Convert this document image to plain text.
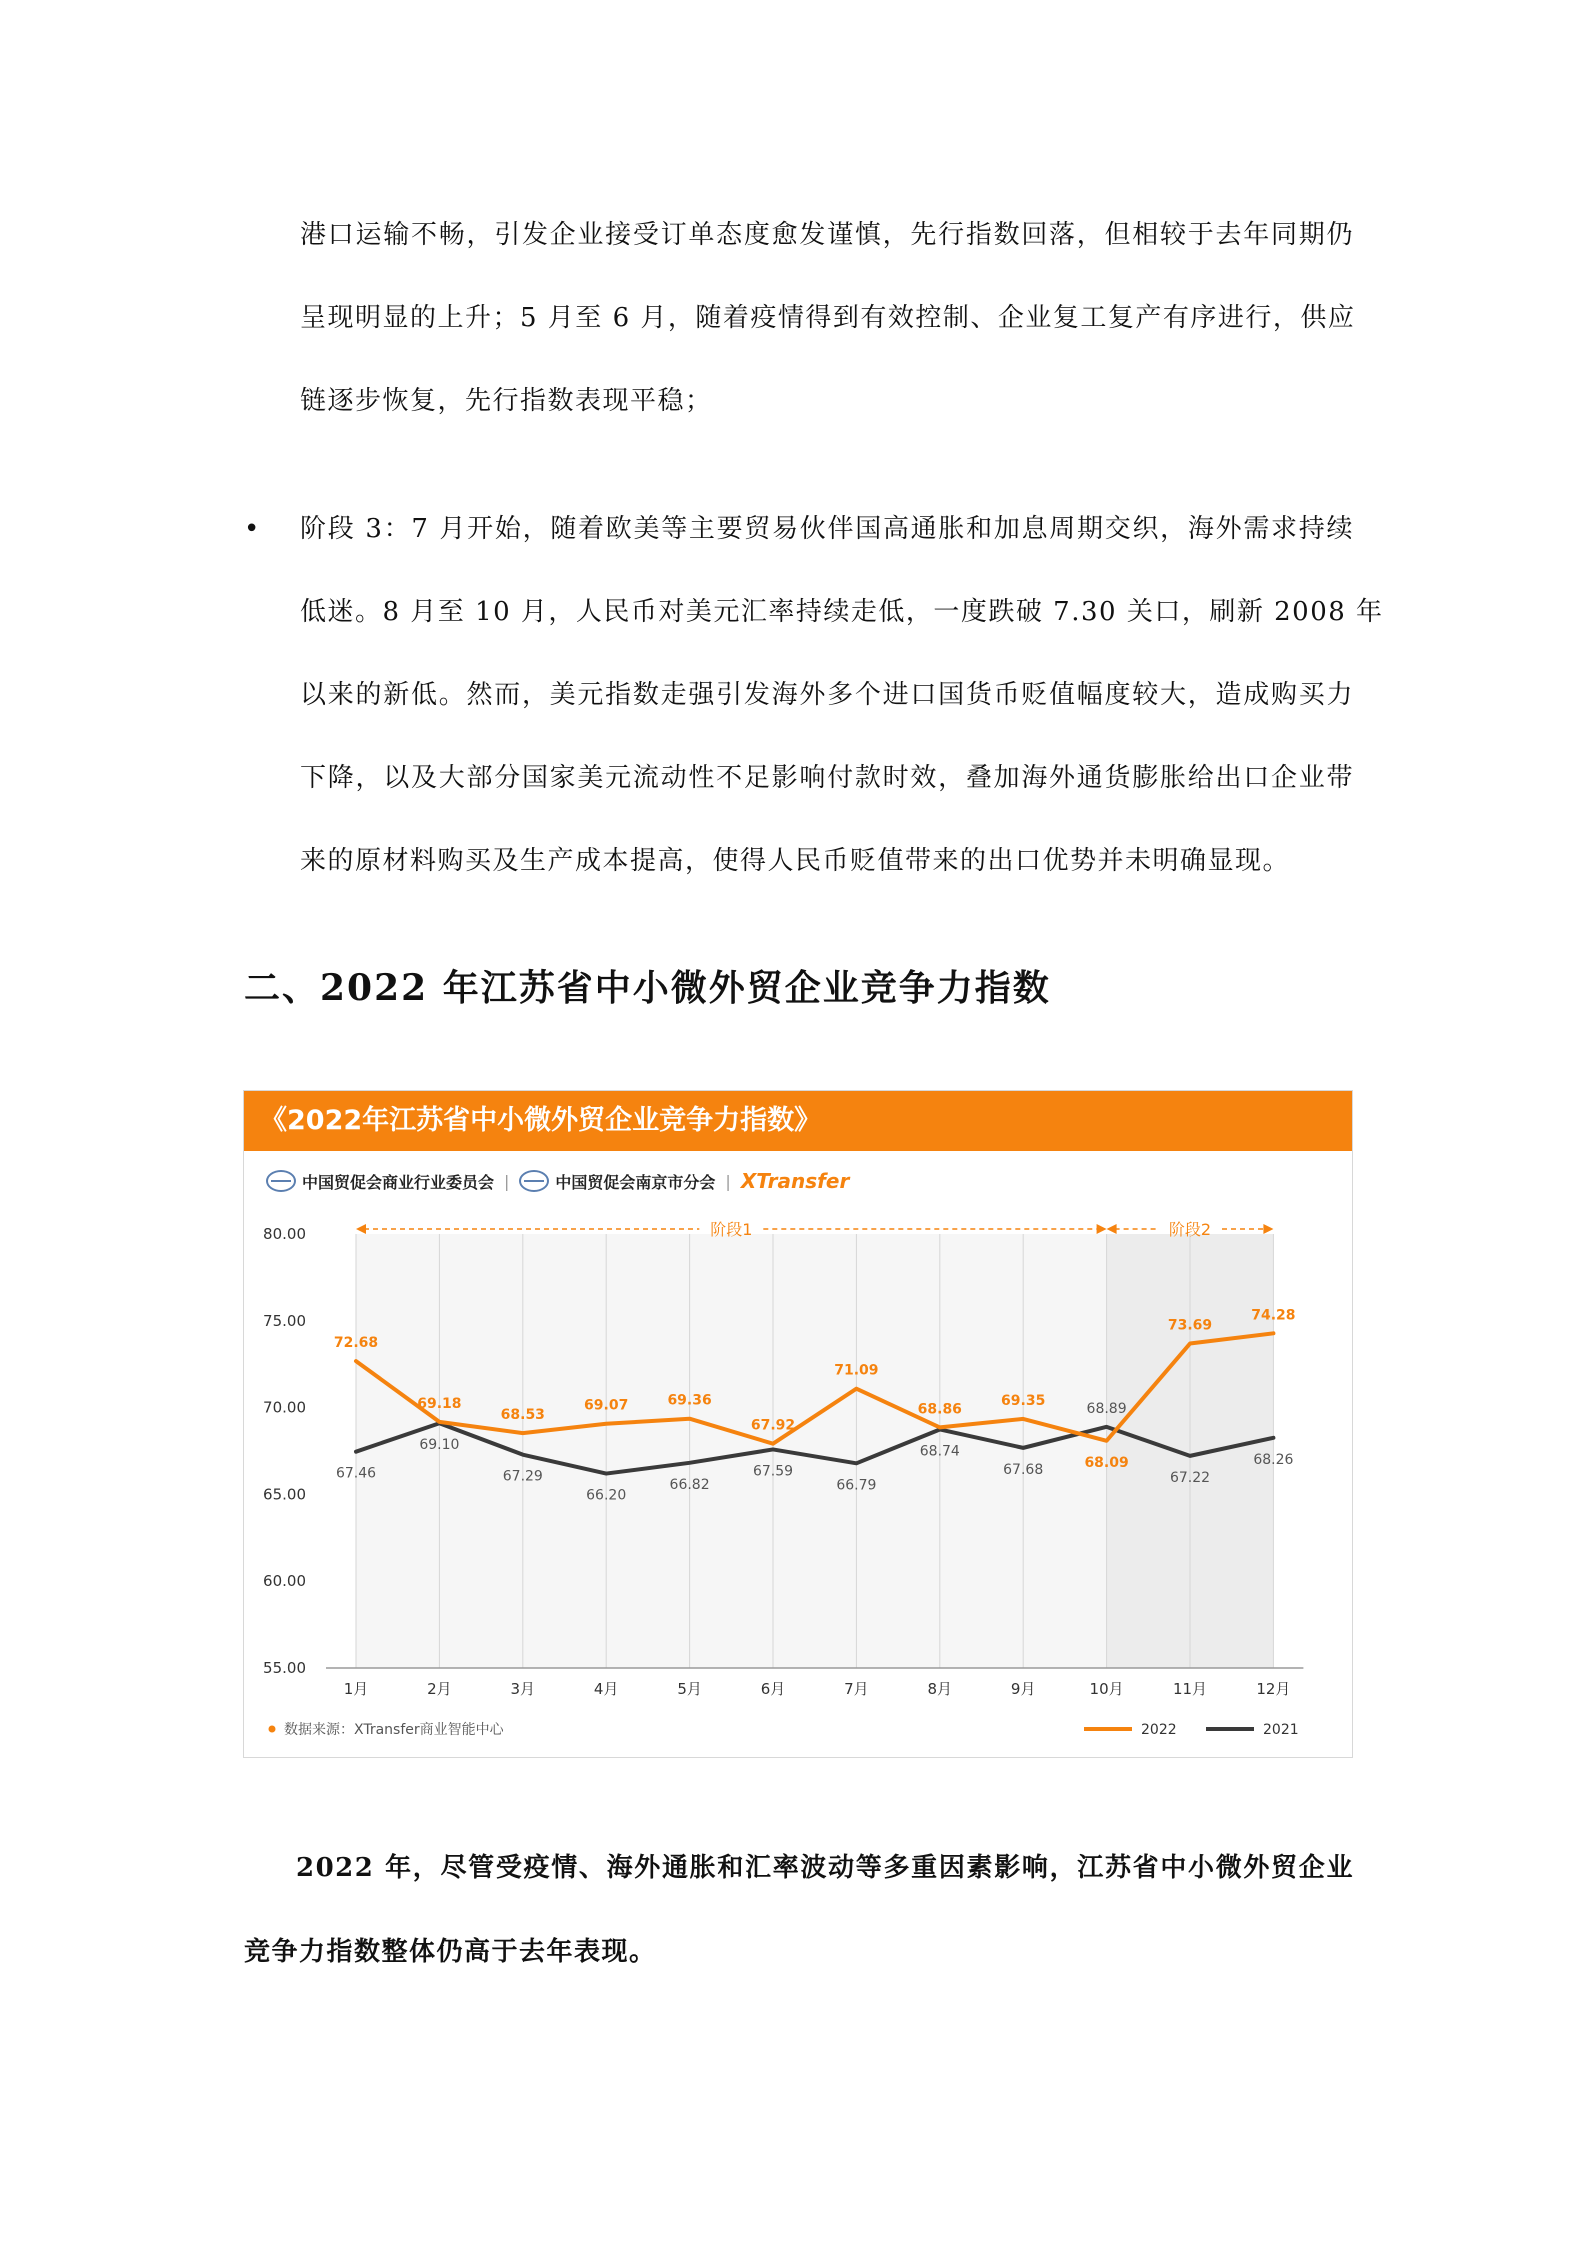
港口运输不畅，引发企业接受订单态度愈发谨慎，先行指数回落，但相较于去年同期仍
呈现明显的上升；5 月至 6 月，随着疫情得到有效控制、企业复工复产有序进行，供应
链逐步恢复，先行指数表现平稳；
• 阶段 3：7 月开始，随着欧美等主要贸易伙伴国高通胀和加息周期交织，海外需求持续
低迷。8 月至 10 月，人民币对美元汇率持续走低，一度跌破 7.30 关口，刷新 2008 年
以来的新低。然而，美元指数走强引发海外多个进口国货币贬值幅度较大，造成购买力
下降，以及大部分国家美元流动性不足影响付款时效，叠加海外通货膨胀给出口企业带
来的原材料购买及生产成本提高，使得人民币贬值带来的出口优势并未明确显现。
二、2022 年江苏省中小微外贸企业竞争力指数
《2022年江苏省中小微外贸企业竞争力指数》
中国贸促会商业行业委员会 |	中国贸促会南京市分会 | XTransfer
80.00
75.00
70.00
65.00
60.00
55.00
1月	2月	3月	4月	5月	6月	7月	8月	9月	10月	11月	12月
阶段1	阶段2
72.68
69.18
68.53
69.07	69.36
67.92
71.09
68.86
69.35
68.09
73.69
74.28
67.46
69.10
67.29
66.20
66.82
67.59
66.79
68.74
67.68
68.89
67.22
68.26
数据来源：XTransfer商业智能中心	2022	2021
2022 年，尽管受疫情、海外通胀和汇率波动等多重因素影响，江苏省中小微外贸企业
竞争力指数整体仍高于去年表现。
